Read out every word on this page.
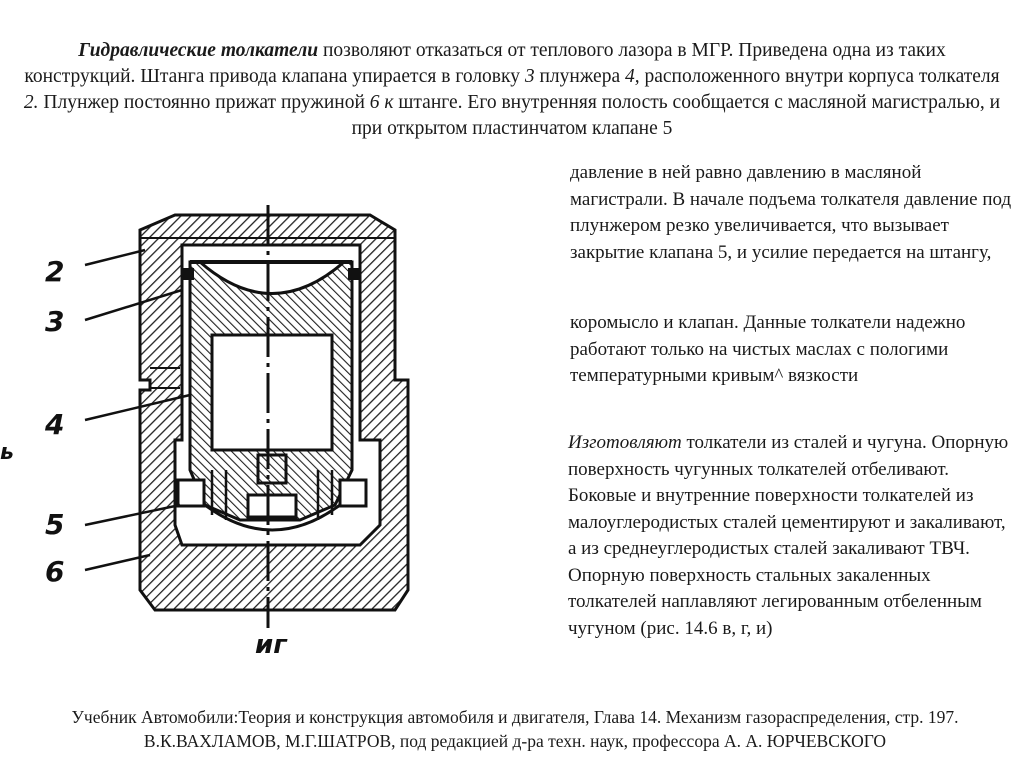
Гидравлические толкатели позволяют отказаться от теплового лазора в МГР. Приведена одна из таких конструкций. Штанга привода клапана упирается в головку 3 плунжера 4, расположенного внутри корпуса толкателя 2. Плунжер постоянно прижат пружиной 6 к штанге. Его внутренняя полость сообщается с масляной магистралью, и при открытом пластинчатом клапане 5
давление в ней равно давлению в масляной магистрали. В начале подъема толкателя давление под плунжером резко увеличивается, что вызывает закрытие клапана 5, и усилие передается на штангу,
коромысло и клапан. Данные толкатели надежно работают только на чистых маслах с пологими температурными кривым^ вязкости
Изготовляют толкатели из сталей и чугуна. Опорную поверхность чугунных толкателей отбеливают. Боковые и внутренние поверхности толкателей из малоуглеродистых сталей цементируют и закаливают, а из среднеуглеродистых сталей закаливают ТВЧ. Опорную поверхность стальных закаленных толкателей наплавляют легированным отбеленным чугуном (рис. 14.6 в, г, и)
2
3
4
5
6
иг
ь
Учебник Автомобили:Теория и конструкция автомобиля и двигателя, Глава 14. Механизм газораспределения, стр. 197. В.К.ВАХЛАМОВ, М.Г.ШАТРОВ, под редакцией д-ра техн. наук, профессора А. А. ЮРЧЕВСКОГО
